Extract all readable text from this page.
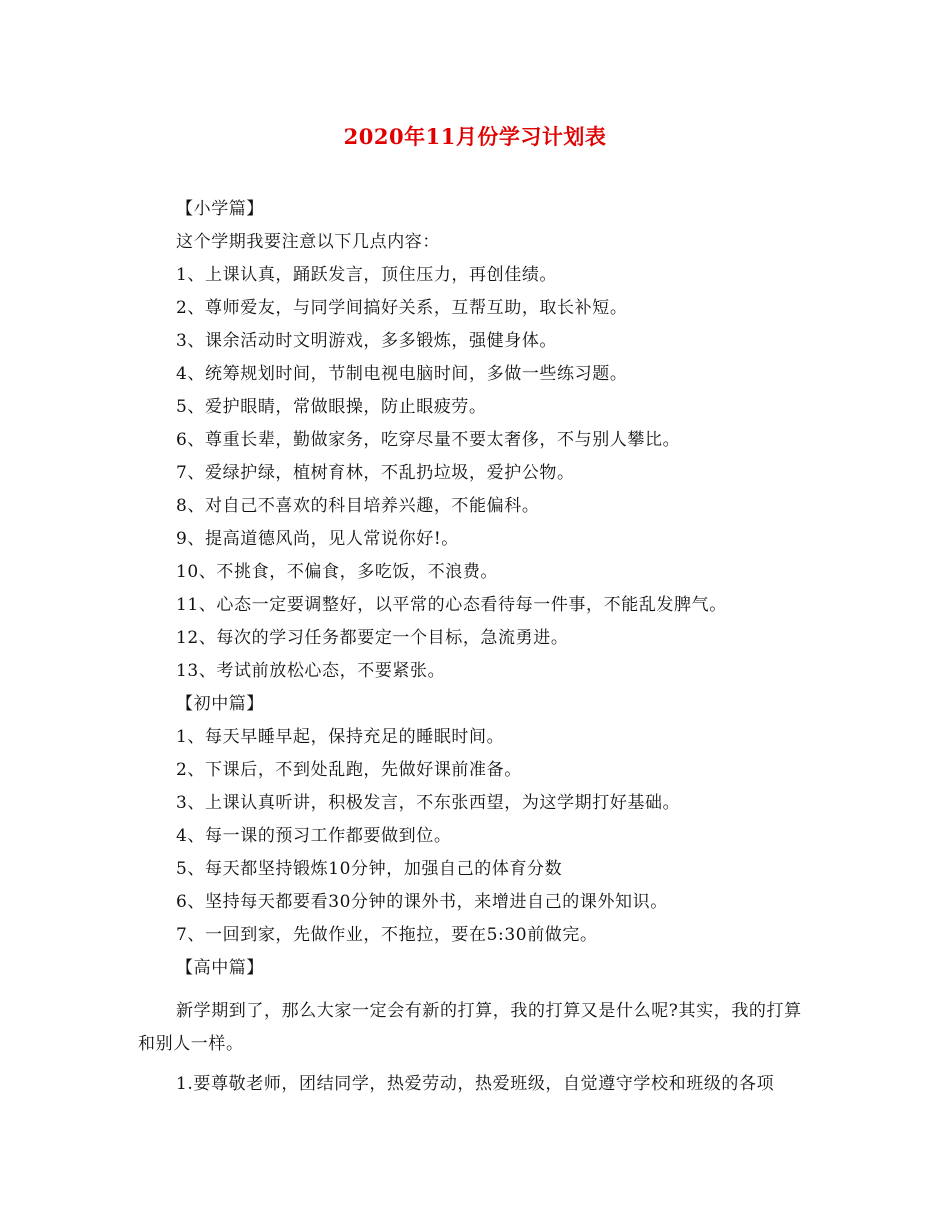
2020年11月份学习计划表
【小学篇】
这个学期我要注意以下几点内容：
1、上课认真，踊跃发言，顶住压力，再创佳绩。
2、尊师爱友，与同学间搞好关系，互帮互助，取长补短。
3、课余活动时文明游戏，多多锻炼，强健身体。
4、统筹规划时间，节制电视电脑时间，多做一些练习题。
5、爱护眼睛，常做眼操，防止眼疲劳。
6、尊重长辈，勤做家务，吃穿尽量不要太奢侈，不与别人攀比。
7、爱绿护绿，植树育林，不乱扔垃圾，爱护公物。
8、对自己不喜欢的科目培养兴趣，不能偏科。
9、提高道德风尚，见人常说你好!。
10、不挑食，不偏食，多吃饭，不浪费。
11、心态一定要调整好，以平常的心态看待每一件事，不能乱发脾气。
12、每次的学习任务都要定一个目标，急流勇进。
13、考试前放松心态，不要紧张。
【初中篇】
1、每天早睡早起，保持充足的睡眠时间。
2、下课后，不到处乱跑，先做好课前准备。
3、上课认真听讲，积极发言，不东张西望，为这学期打好基础。
4、每一课的预习工作都要做到位。
5、每天都坚持锻炼10分钟，加强自己的体育分数
6、坚持每天都要看30分钟的课外书，来增进自己的课外知识。
7、一回到家，先做作业，不拖拉，要在5:30前做完。
【高中篇】
新学期到了，那么大家一定会有新的打算，我的打算又是什么呢?其实，我的打算和别人一样。
1.要尊敬老师，团结同学，热爱劳动，热爱班级，自觉遵守学校和班级的各项
